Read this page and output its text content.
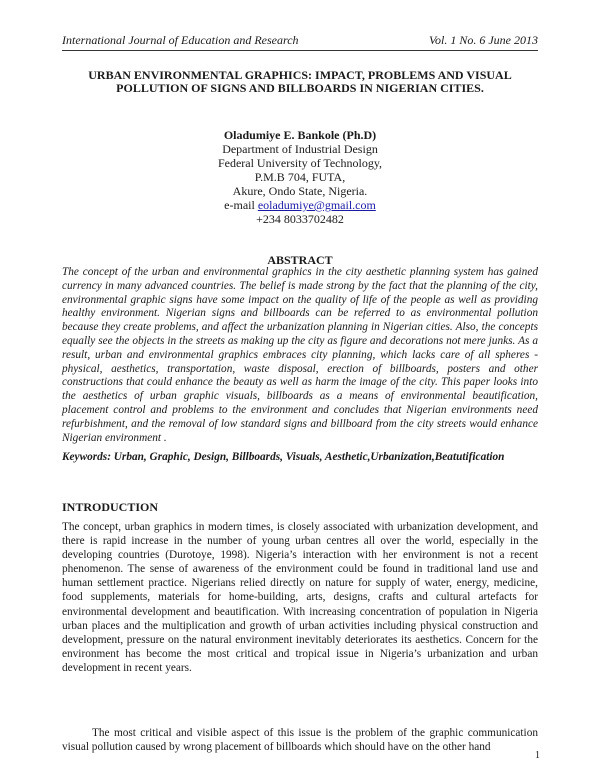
International Journal of Education and Research	Vol. 1 No. 6 June 2013
URBAN ENVIRONMENTAL GRAPHICS: IMPACT, PROBLEMS AND VISUAL POLLUTION OF SIGNS AND BILLBOARDS IN NIGERIAN CITIES.
Oladumiye E. Bankole (Ph.D)
Department of Industrial Design
Federal University of Technology,
P.M.B 704, FUTA,
Akure, Ondo State, Nigeria.
e-mail eoladumiye@gmail.com
+234 8033702482
ABSTRACT

The concept of the urban and environmental graphics in the city aesthetic planning system has gained currency in many advanced countries. The belief is made strong by the fact that the planning of the city, environmental graphic signs have some impact on the quality of life of the people as well as providing healthy environment. Nigerian signs and billboards can be referred to as environmental pollution because they create problems, and affect the urbanization planning in Nigerian cities. Also, the concepts equally see the objects in the streets as making up the city as figure and decorations not mere junks. As a result, urban and environmental graphics embraces city planning, which lacks care of all spheres - physical, aesthetics, transportation, waste disposal, erection of billboards, posters and other constructions that could enhance the beauty as well as harm the image of the city. This paper looks into the aesthetics of urban graphic visuals, billboards as a means of environmental beautification, placement control and problems to the environment and concludes that Nigerian environments need refurbishment, and the removal of low standard signs and billboard from the city streets would enhance Nigerian environment .

Keywords: Urban, Graphic, Design, Billboards, Visuals, Aesthetic,Urbanization,Beatutification
INTRODUCTION

The concept, urban graphics in modern times, is closely associated with urbanization development, and there is rapid increase in the number of young urban centres all over the world, especially in the developing countries (Durotoye, 1998). Nigeria’s interaction with her environment is not a recent phenomenon. The sense of awareness of the environment could be found in traditional land use and human settlement practice. Nigerians relied directly on nature for supply of water, energy, medicine, food supplements, materials for home-building, arts, designs, crafts and cultural artefacts for environmental development and beautification. With increasing concentration of population in Nigeria urban places and the multiplication and growth of urban activities including physical construction and development, pressure on the natural environment inevitably deteriorates its aesthetics. Concern for the environment has become the most critical and tropical issue in Nigeria’s urbanization and urban development in recent years.

The most critical and visible aspect of this issue is the problem of the graphic communication visual pollution caused by wrong placement of billboards which should have on the other hand

1
